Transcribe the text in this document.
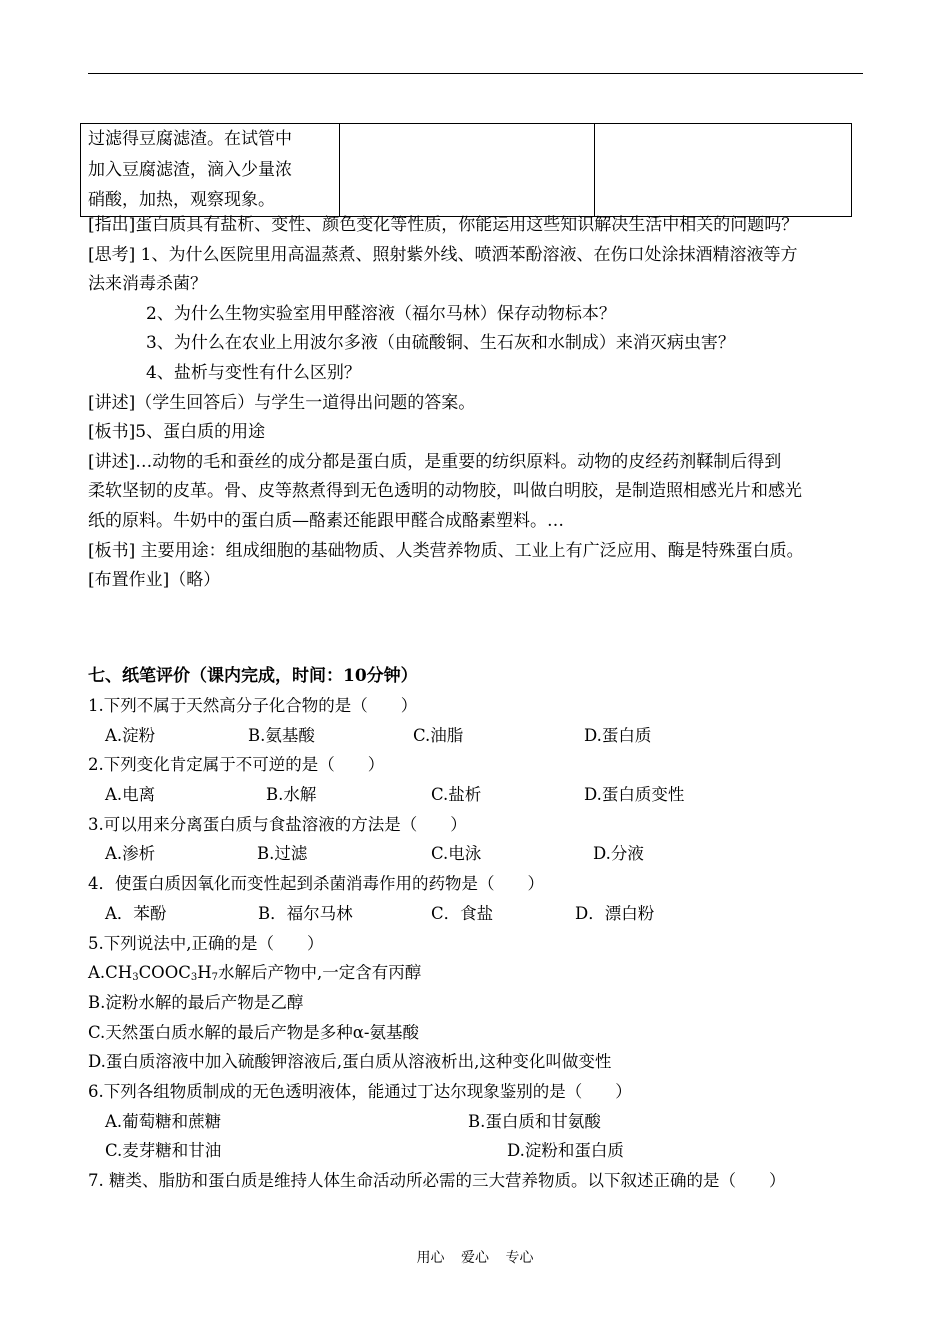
过滤得豆腐滤渣。在试管中
加入豆腐滤渣，滴入少量浓
硝酸，加热，观察现象。

[指出]蛋白质具有盐析、变性、颜色变化等性质，你能运用这些知识解决生活中相关的问题吗？
[思考] 1、为什么医院里用高温蒸煮、照射紫外线、喷洒苯酚溶液、在伤口处涂抹酒精溶液等方
法来消毒杀菌？
2、为什么生物实验室用甲醛溶液（福尔马林）保存动物标本？
3、为什么在农业上用波尔多液（由硫酸铜、生石灰和水制成）来消灭病虫害？
4、盐析与变性有什么区别？
[讲述]（学生回答后）与学生一道得出问题的答案。
[板书]5、蛋白质的用途
[讲述]…动物的毛和蚕丝的成分都是蛋白质，是重要的纺织原料。动物的皮经药剂鞣制后得到
柔软坚韧的皮革。骨、皮等熬煮得到无色透明的动物胶，叫做白明胶，是制造照相感光片和感光
纸的原料。牛奶中的蛋白质—酪素还能跟甲醛合成酪素塑料。…
[板书] 主要用途：组成细胞的基础物质、人类营养物质、工业上有广泛应用、酶是特殊蛋白质。
[布置作业]（略）
七、纸笔评价（课内完成，时间：10分钟）
1.下列不属于天然高分子化合物的是（　　）
A.淀粉	B.氨基酸	C.油脂	D.蛋白质
2.下列变化肯定属于不可逆的是（　　）
A.电离	B.水解	C.盐析	D.蛋白质变性
3.可以用来分离蛋白质与食盐溶液的方法是（　　）
A.渗析	B.过滤	C.电泳	D.分液
4．使蛋白质因氧化而变性起到杀菌消毒作用的药物是（　　）
A．苯酚	B．福尔马林	C．食盐	D．漂白粉
5.下列说法中,正确的是（　　）
$A.CH_3COOC_3H_7$水解后产物中,一定含有丙醇
B.淀粉水解的最后产物是乙醇
C.天然蛋白质水解的最后产物是多种α-氨基酸
D.蛋白质溶液中加入硫酸钾溶液后,蛋白质从溶液析出,这种变化叫做变性
6.下列各组物质制成的无色透明液体，能通过丁达尔现象鉴别的是（　　）
A.葡萄糖和蔗糖	B.蛋白质和甘氨酸
C.麦芽糖和甘油	D.淀粉和蛋白质
7. 糖类、脂肪和蛋白质是维持人体生命活动所必需的三大营养物质。以下叙述正确的是（　　）
用心 爱心 专心
